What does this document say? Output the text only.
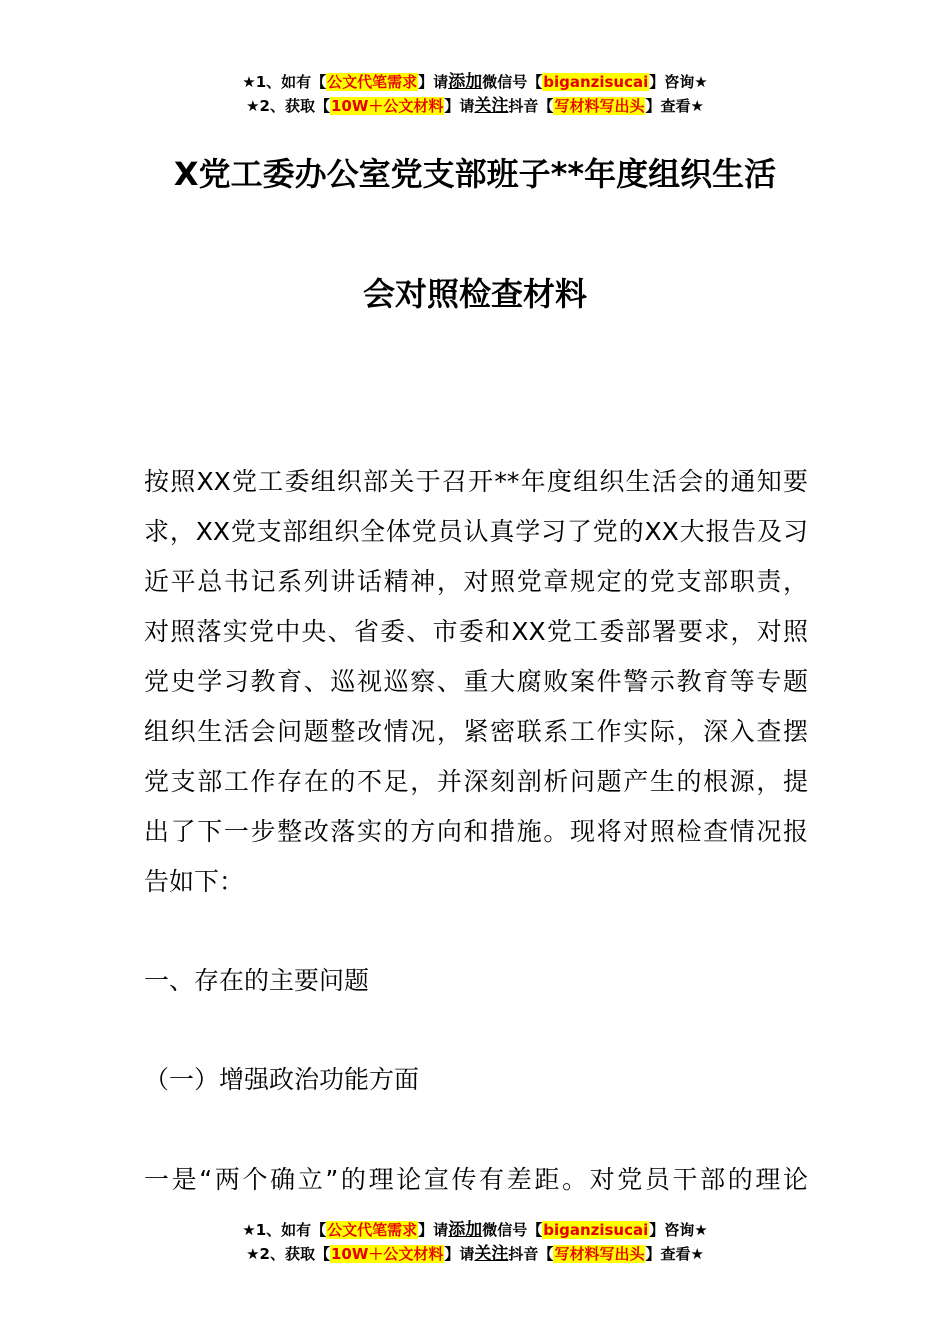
★1、如有【公文代笔需求】请添加微信号【biganzisucai】咨询★
★2、获取【10W＋公文材料】请关注抖音【写材料写出头】查看★
X党工委办公室党支部班子**年度组织生活
会对照检查材料
按照XX党工委组织部关于召开**年度组织生活会的通知要
求，XX党支部组织全体党员认真学习了党的XX大报告及习
近平总书记系列讲话精神，对照党章规定的党支部职责，
对照落实党中央、省委、市委和XX党工委部署要求，对照
党史学习教育、巡视巡察、重大腐败案件警示教育等专题
组织生活会问题整改情况，紧密联系工作实际，深入查摆
党支部工作存在的不足，并深刻剖析问题产生的根源，提
出了下一步整改落实的方向和措施。现将对照检查情况报
告如下：
一、存在的主要问题
（一）增强政治功能方面
一是“两个确立”的理论宣传有差距。对党员干部的理论
★1、如有【公文代笔需求】请添加微信号【biganzisucai】咨询★
★2、获取【10W＋公文材料】请关注抖音【写材料写出头】查看★
